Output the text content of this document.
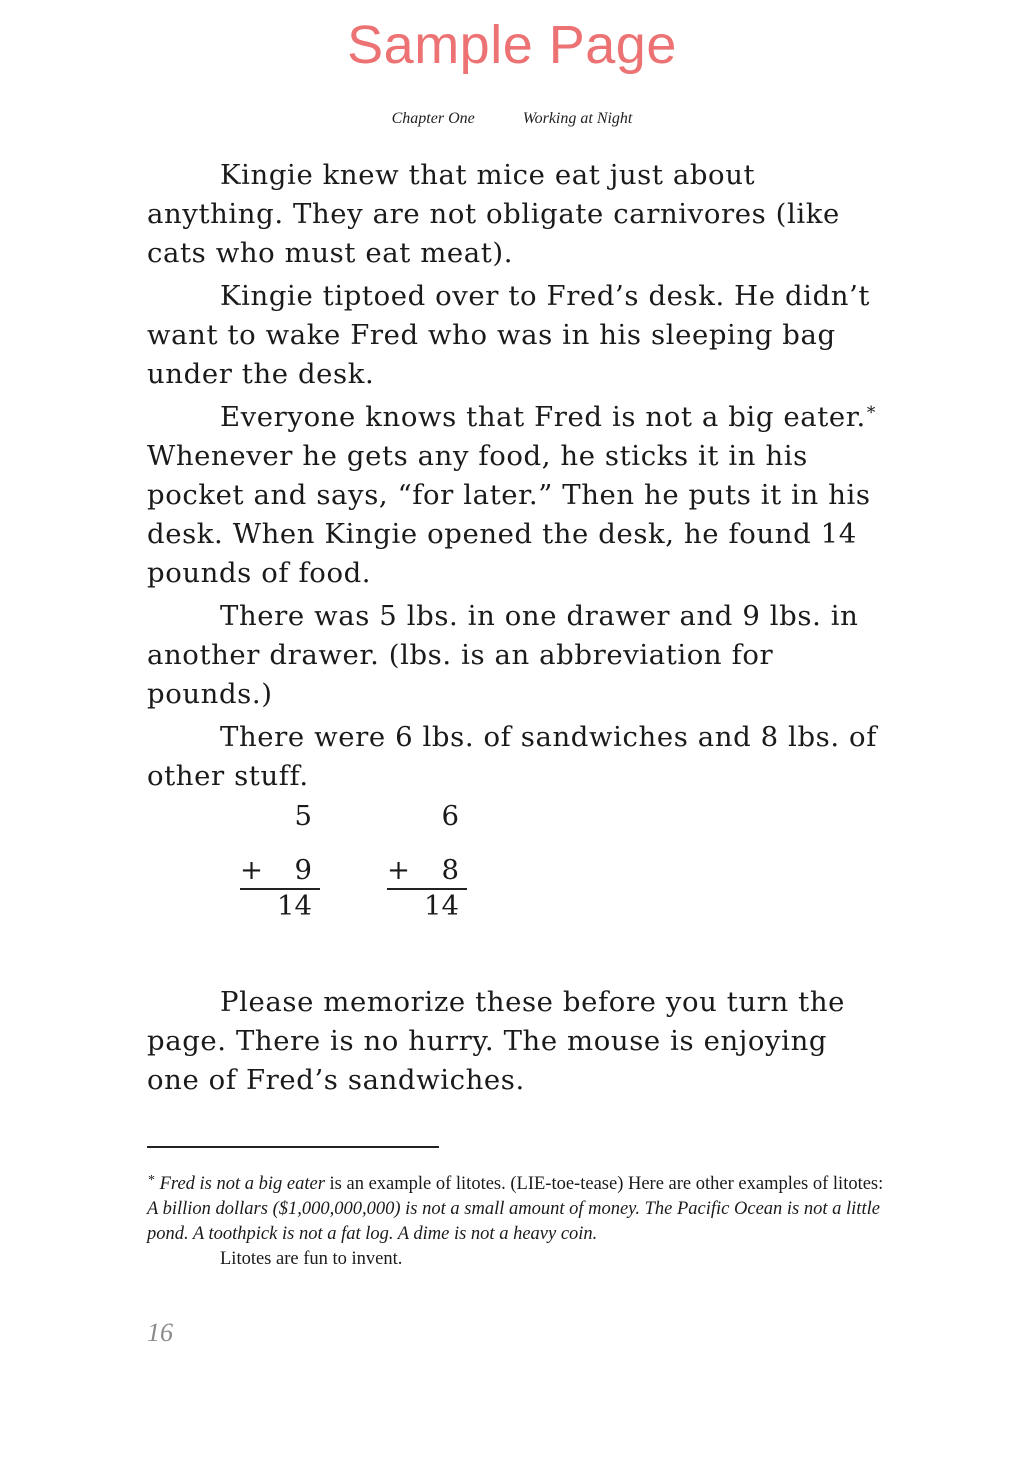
Sample Page
Chapter One	Working at Night

Kingie knew that mice eat just about anything. They are not obligate carnivores (like cats who must eat meat).

Kingie tiptoed over to Fred’s desk. He didn’t want to wake Fred who was in his sleeping bag under the desk.

Everyone knows that Fred is not a big eater.* Whenever he gets any food, he sticks it in his pocket and says, “for later.” Then he puts it in his desk. When Kingie opened the desk, he found 14 pounds of food.

There was 5 lbs. in one drawer and 9 lbs. in another drawer. (lbs. is an abbreviation for pounds.)

There were 6 lbs. of sandwiches and 8 lbs. of other stuff.

5
+ 9
14
6
+ 8
14

Please memorize these before you turn the page. There is no hurry. The mouse is enjoying one of Fred’s sandwiches.

* Fred is not a big eater is an example of litotes. (LIE-toe-tease) Here are other examples of litotes: A billion dollars ($1,000,000,000) is not a small amount of money. The Pacific Ocean is not a little pond. A toothpick is not a fat log. A dime is not a heavy coin.

Litotes are fun to invent.

16
